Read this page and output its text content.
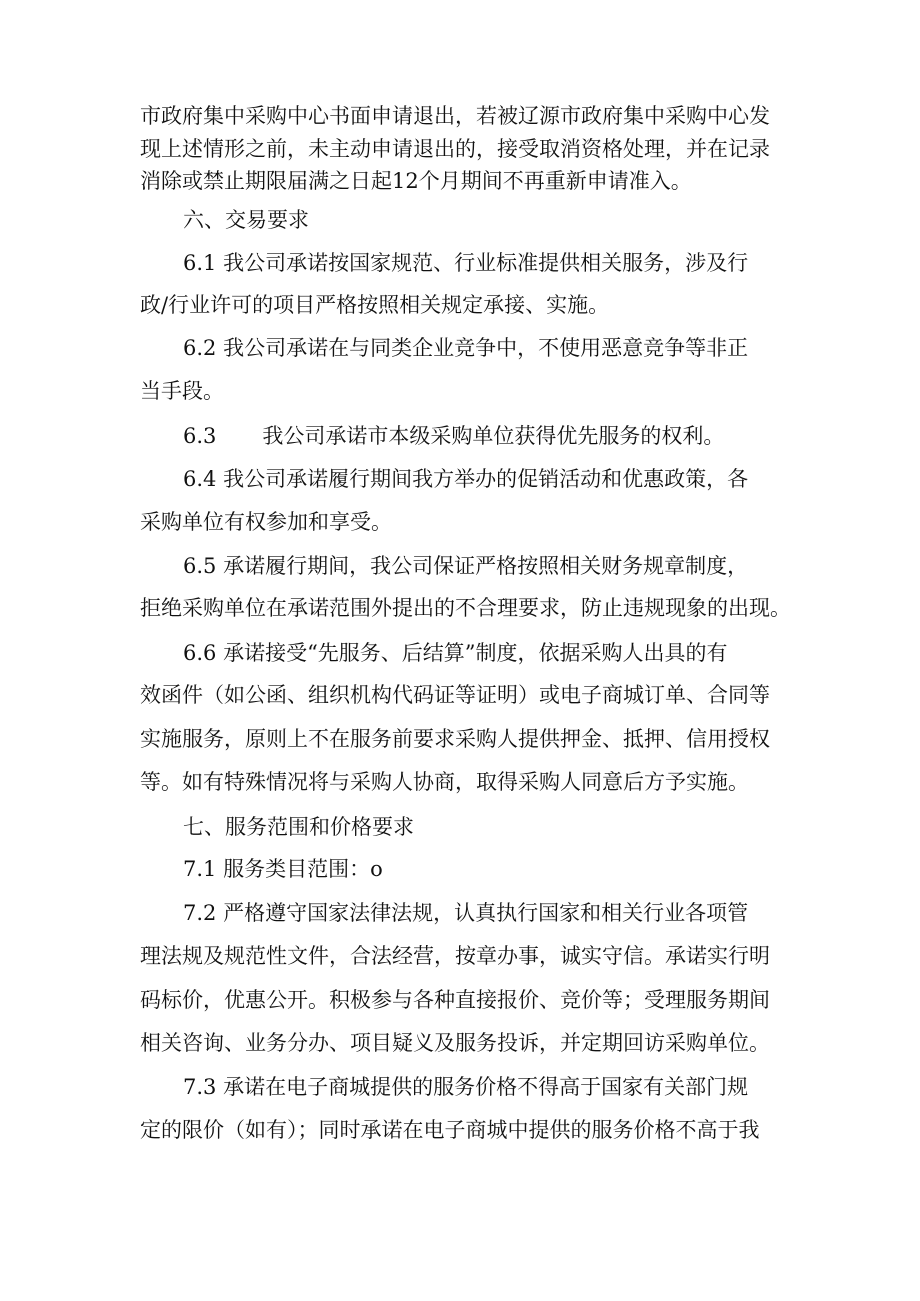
市政府集中采购中心书面申请退出，若被辽源市政府集中采购中心发
现上述情形之前，未主动申请退出的，接受取消资格处理，并在记录
消除或禁止期限届满之日起12个月期间不再重新申请准入。
六、交易要求
6.1 我公司承诺按国家规范、行业标准提供相关服务，涉及行
政/行业许可的项目严格按照相关规定承接、实施。
6.2 我公司承诺在与同类企业竞争中，不使用恶意竞争等非正
当手段。
6.3 我公司承诺市本级采购单位获得优先服务的权利。
6.4 我公司承诺履行期间我方举办的促销活动和优惠政策，各
采购单位有权参加和享受。
6.5 承诺履行期间，我公司保证严格按照相关财务规章制度，
拒绝采购单位在承诺范围外提出的不合理要求，防止违规现象的出现。
6.6 承诺接受“先服务、后结算”制度，依据采购人出具的有
效函件（如公函、组织机构代码证等证明）或电子商城订单、合同等
实施服务，原则上不在服务前要求采购人提供押金、抵押、信用授权
等。如有特殊情况将与采购人协商，取得采购人同意后方予实施。
七、服务范围和价格要求
7.1 服务类目范围：o
7.2 严格遵守国家法律法规，认真执行国家和相关行业各项管
理法规及规范性文件，合法经营，按章办事，诚实守信。承诺实行明
码标价，优惠公开。积极参与各种直接报价、竞价等；受理服务期间
相关咨询、业务分办、项目疑义及服务投诉，并定期回访采购单位。
7.3 承诺在电子商城提供的服务价格不得高于国家有关部门规
定的限价（如有）；同时承诺在电子商城中提供的服务价格不高于我
